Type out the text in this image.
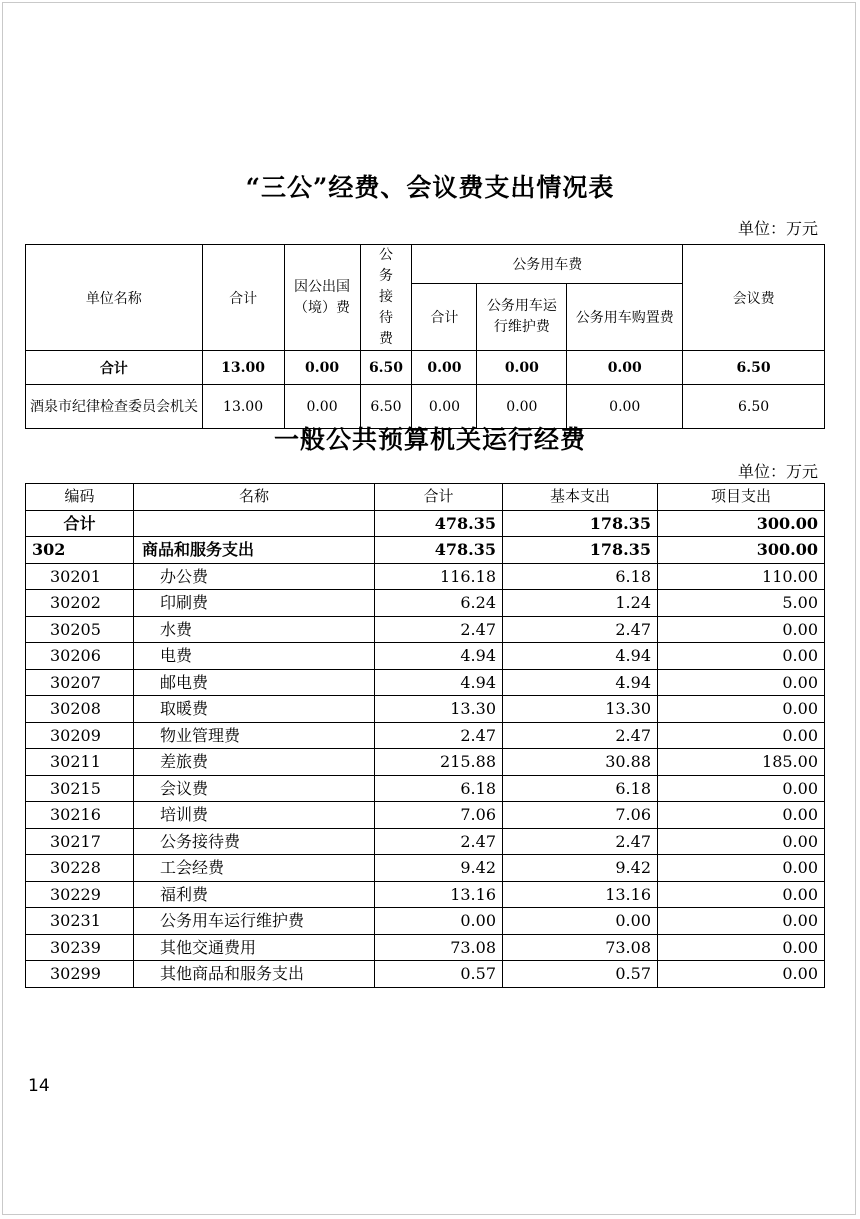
“三公”经费、会议费支出情况表
单位：万元
单位名称	合计	因公出国（境）费	公务接待费	公务用车费			会议费
				合计	公务用车运行维护费	公务用车购置费	
合计	13.00	0.00	6.50	0.00	0.00	0.00	6.50
酒泉市纪律检查委员会机关	13.00	0.00	6.50	0.00	0.00	0.00	6.50
一般公共预算机关运行经费
单位：万元
编码	名称	合计	基本支出	项目支出
合计		478.35	178.35	300.00
302	商品和服务支出	478.35	178.35	300.00
30201	办公费	116.18	6.18	110.00
30202	印刷费	6.24	1.24	5.00
30205	水费	2.47	2.47	0.00
30206	电费	4.94	4.94	0.00
30207	邮电费	4.94	4.94	0.00
30208	取暖费	13.30	13.30	0.00
30209	物业管理费	2.47	2.47	0.00
30211	差旅费	215.88	30.88	185.00
30215	会议费	6.18	6.18	0.00
30216	培训费	7.06	7.06	0.00
30217	公务接待费	2.47	2.47	0.00
30228	工会经费	9.42	9.42	0.00
30229	福利费	13.16	13.16	0.00
30231	公务用车运行维护费	0.00	0.00	0.00
30239	其他交通费用	73.08	73.08	0.00
30299	其他商品和服务支出	0.57	0.57	0.00
14
